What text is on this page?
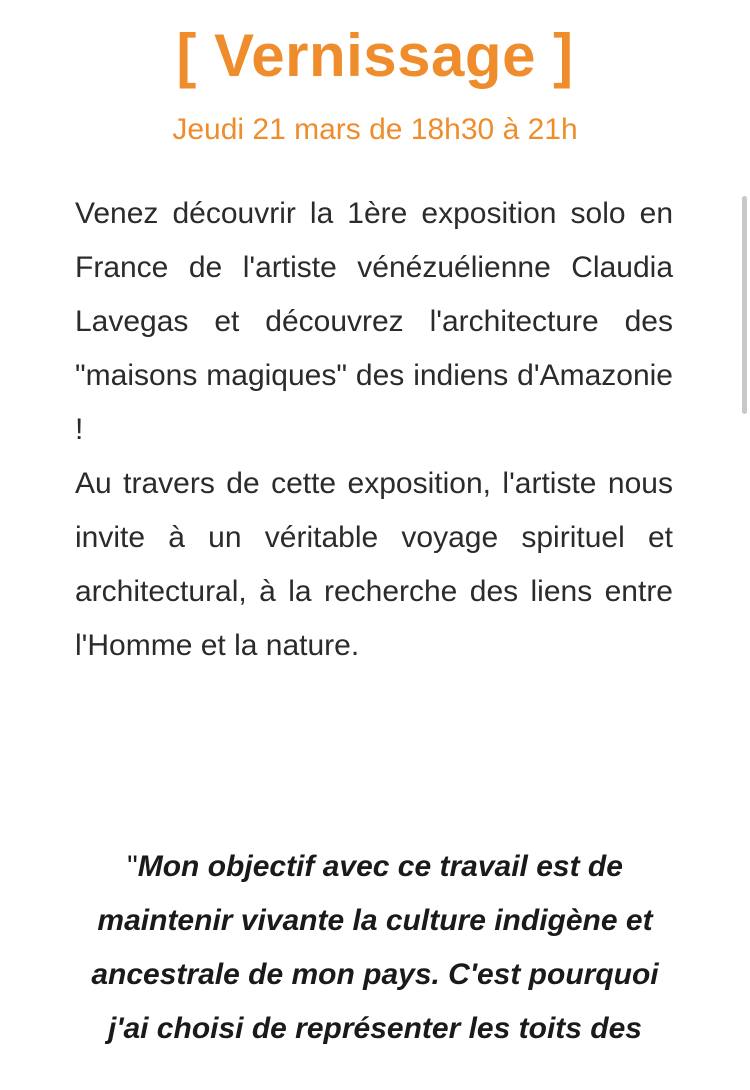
[ Vernissage ]
Jeudi 21 mars de 18h30 à 21h

Venez découvrir la 1ère exposition solo en France de l'artiste vénézuélienne Claudia Lavegas et découvrez l'architecture des "maisons magiques" des indiens d'Amazonie !

Au travers de cette exposition, l'artiste nous invite à un véritable voyage spirituel et architectural, à la recherche des liens entre l'Homme et la nature.

"Mon objectif avec ce travail est de maintenir vivante la culture indigène et ancestrale de mon pays. C'est pourquoi j'ai choisi de représenter les toits des
